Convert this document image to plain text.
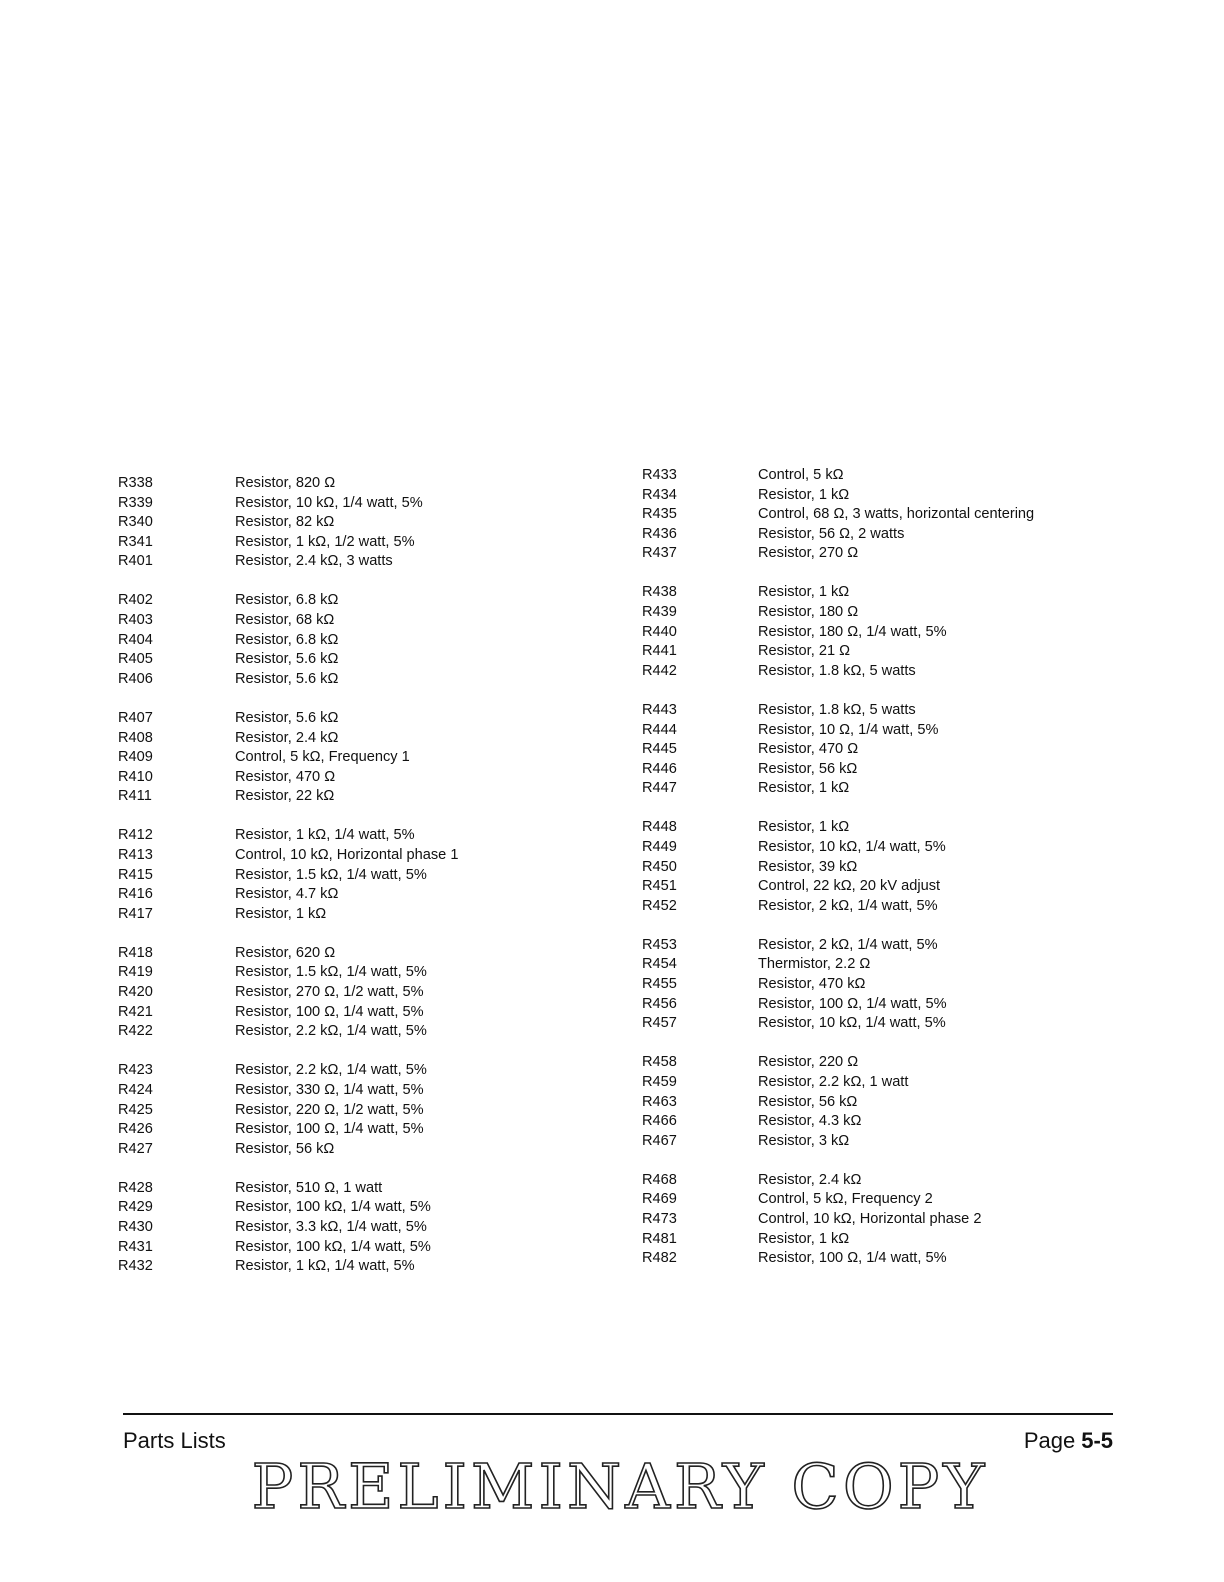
R338	Resistor, 820 Ω
R339	Resistor, 10 kΩ, 1/4 watt, 5%
R340	Resistor, 82 kΩ
R341	Resistor, 1 kΩ, 1/2 watt, 5%
R401	Resistor, 2.4 kΩ, 3 watts
R402	Resistor, 6.8 kΩ
R403	Resistor, 68 kΩ
R404	Resistor, 6.8 kΩ
R405	Resistor, 5.6 kΩ
R406	Resistor, 5.6 kΩ
R407	Resistor, 5.6 kΩ
R408	Resistor, 2.4 kΩ
R409	Control, 5 kΩ, Frequency 1
R410	Resistor, 470 Ω
R411	Resistor, 22 kΩ
R412	Resistor, 1 kΩ, 1/4 watt, 5%
R413	Control, 10 kΩ, Horizontal phase 1
R415	Resistor, 1.5 kΩ, 1/4 watt, 5%
R416	Resistor, 4.7 kΩ
R417	Resistor, 1 kΩ
R418	Resistor, 620 Ω
R419	Resistor, 1.5 kΩ, 1/4 watt, 5%
R420	Resistor, 270 Ω, 1/2 watt, 5%
R421	Resistor, 100 Ω, 1/4 watt, 5%
R422	Resistor, 2.2 kΩ, 1/4 watt, 5%
R423	Resistor, 2.2 kΩ, 1/4 watt, 5%
R424	Resistor, 330 Ω, 1/4 watt, 5%
R425	Resistor, 220 Ω, 1/2 watt, 5%
R426	Resistor, 100 Ω, 1/4 watt, 5%
R427	Resistor, 56 kΩ
R428	Resistor, 510 Ω, 1 watt
R429	Resistor, 100 kΩ, 1/4 watt, 5%
R430	Resistor, 3.3 kΩ, 1/4 watt, 5%
R431	Resistor, 100 kΩ, 1/4 watt, 5%
R432	Resistor, 1 kΩ, 1/4 watt, 5%
R433	Control, 5 kΩ
R434	Resistor, 1 kΩ
R435	Control, 68 Ω, 3 watts, horizontal centering
R436	Resistor, 56 Ω, 2 watts
R437	Resistor, 270 Ω
R438	Resistor, 1 kΩ
R439	Resistor, 180 Ω
R440	Resistor, 180 Ω, 1/4 watt, 5%
R441	Resistor, 21 Ω
R442	Resistor, 1.8 kΩ, 5 watts
R443	Resistor, 1.8 kΩ, 5 watts
R444	Resistor, 10 Ω, 1/4 watt, 5%
R445	Resistor, 470 Ω
R446	Resistor, 56 kΩ
R447	Resistor, 1 kΩ
R448	Resistor, 1 kΩ
R449	Resistor, 10 kΩ, 1/4 watt, 5%
R450	Resistor, 39 kΩ
R451	Control, 22 kΩ, 20 kV adjust
R452	Resistor, 2 kΩ, 1/4 watt, 5%
R453	Resistor, 2 kΩ, 1/4 watt, 5%
R454	Thermistor, 2.2 Ω
R455	Resistor, 470 kΩ
R456	Resistor, 100 Ω, 1/4 watt, 5%
R457	Resistor, 10 kΩ, 1/4 watt, 5%
R458	Resistor, 220 Ω
R459	Resistor, 2.2 kΩ, 1 watt
R463	Resistor, 56 kΩ
R466	Resistor, 4.3 kΩ
R467	Resistor, 3 kΩ
R468	Resistor, 2.4 kΩ
R469	Control, 5 kΩ, Frequency 2
R473	Control, 10 kΩ, Horizontal phase 2
R481	Resistor, 1 kΩ
R482	Resistor, 100 Ω, 1/4 watt, 5%
Parts Lists	Page 5-5
PRELIMINARY COPY
